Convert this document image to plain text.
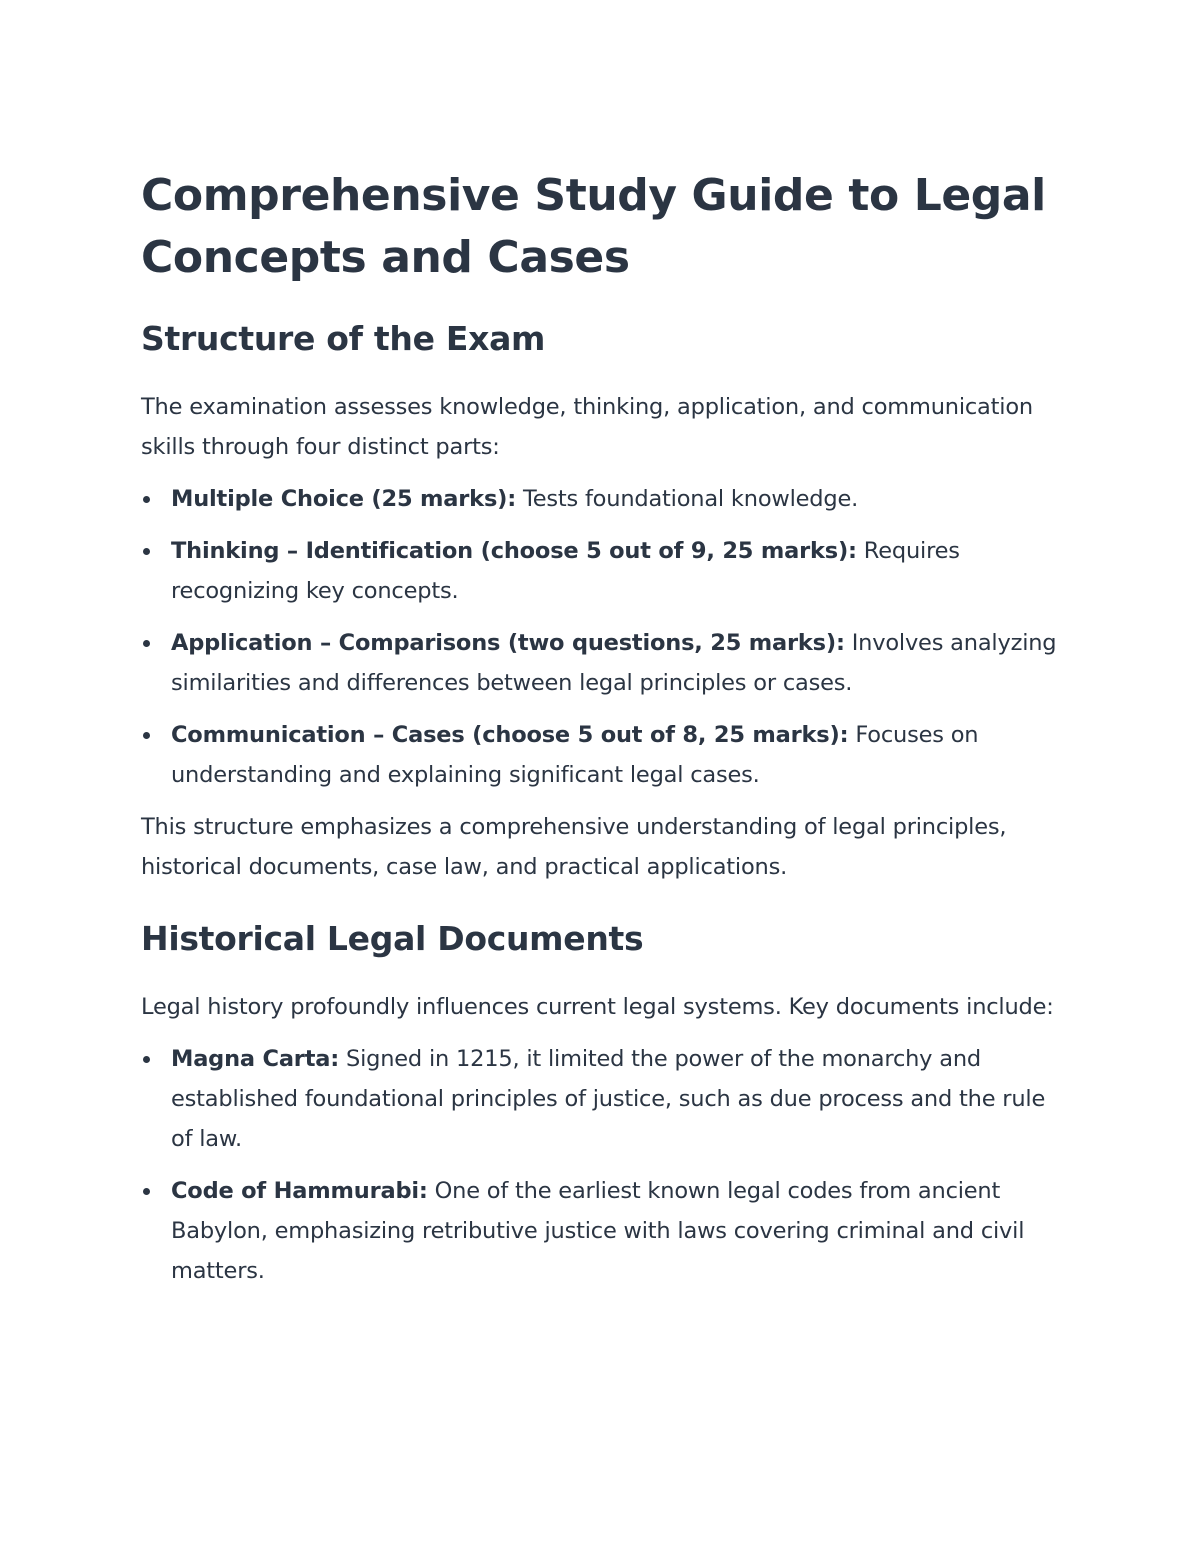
Comprehensive Study Guide to Legal Concepts and Cases
Structure of the Exam

The examination assesses knowledge, thinking, application, and communication skills through four distinct parts:

Multiple Choice (25 marks): Tests foundational knowledge.
Thinking – Identification (choose 5 out of 9, 25 marks): Requires recognizing key concepts.
Application – Comparisons (two questions, 25 marks): Involves analyzing similarities and differences between legal principles or cases.
Communication – Cases (choose 5 out of 8, 25 marks): Focuses on understanding and explaining significant legal cases.

This structure emphasizes a comprehensive understanding of legal principles, historical documents, case law, and practical applications.

Historical Legal Documents

Legal history profoundly influences current legal systems. Key documents include:

Magna Carta: Signed in 1215, it limited the power of the monarchy and established foundational principles of justice, such as due process and the rule of law.
Code of Hammurabi: One of the earliest known legal codes from ancient Babylon, emphasizing retributive justice with laws covering criminal and civil matters.
